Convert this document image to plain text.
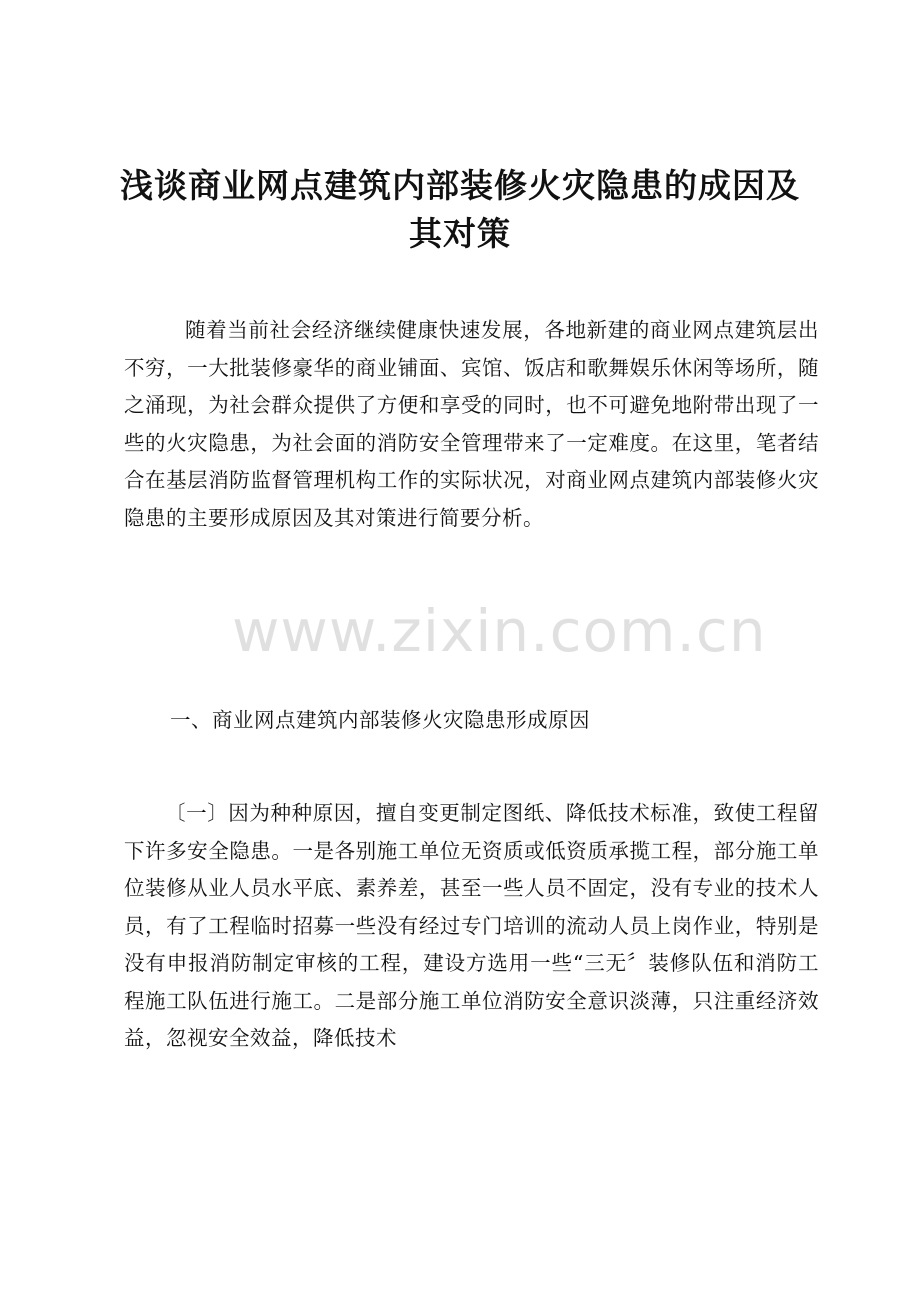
浅谈商业网点建筑内部装修火灾隐患的成因及其对策
随着当前社会经济继续健康快速发展，各地新建的商业网点建筑层出不穷，一大批装修豪华的商业铺面、宾馆、饭店和歌舞娱乐休闲等场所，随之涌现，为社会群众提供了方便和享受的同时，也不可避免地附带出现了一些的火灾隐患，为社会面的消防安全管理带来了一定难度。在这里，笔者结合在基层消防监督管理机构工作的实际状况，对商业网点建筑内部装修火灾隐患的主要形成原因及其对策进行简要分析。
www.zixin.com.cn
一、商业网点建筑内部装修火灾隐患形成原因
〔一〕因为种种原因，擅自变更制定图纸、降低技术标准，致使工程留下许多安全隐患。一是各别施工单位无资质或低资质承揽工程，部分施工单位装修从业人员水平底、素养差，甚至一些人员不固定，没有专业的技术人员，有了工程临时招募一些没有经过专门培训的流动人员上岗作业，特别是没有申报消防制定审核的工程，建设方选用一些“三无〞装修队伍和消防工程施工队伍进行施工。二是部分施工单位消防安全意识淡薄，只注重经济效益，忽视安全效益，降低技术
